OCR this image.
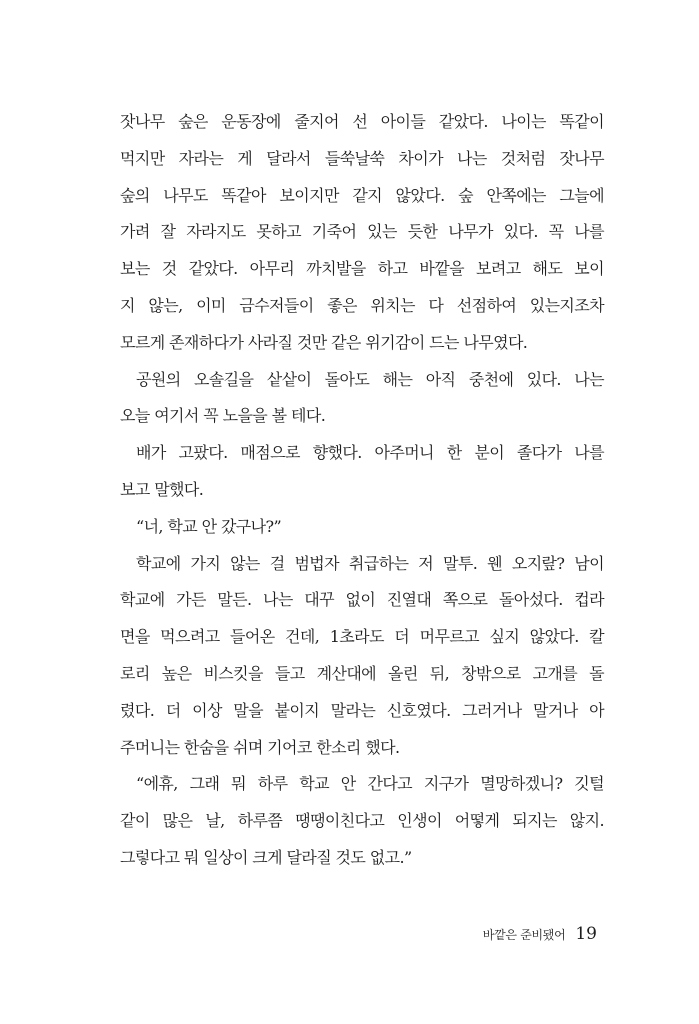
잣나무 숲은 운동장에 줄지어 선 아이들 같았다. 나이는 똑같이
먹지만 자라는 게 달라서 들쑥날쑥 차이가 나는 것처럼 잣나무
숲의 나무도 똑같아 보이지만 같지 않았다. 숲 안쪽에는 그늘에
가려 잘 자라지도 못하고 기죽어 있는 듯한 나무가 있다. 꼭 나를
보는 것 같았다. 아무리 까치발을 하고 바깥을 보려고 해도 보이
지 않는, 이미 금수저들이 좋은 위치는 다 선점하여 있는지조차
모르게 존재하다가 사라질 것만 같은 위기감이 드는 나무였다.
공원의 오솔길을 샅샅이 돌아도 해는 아직 중천에 있다. 나는
오늘 여기서 꼭 노을을 볼 테다.
배가 고팠다. 매점으로 향했다. 아주머니 한 분이 졸다가 나를
보고 말했다.
“너, 학교 안 갔구나?”
학교에 가지 않는 걸 범법자 취급하는 저 말투. 웬 오지랖? 남이
학교에 가든 말든. 나는 대꾸 없이 진열대 쪽으로 돌아섰다. 컵라
면을 먹으려고 들어온 건데, 1초라도 더 머무르고 싶지 않았다. 칼
로리 높은 비스킷을 들고 계산대에 올린 뒤, 창밖으로 고개를 돌
렸다. 더 이상 말을 붙이지 말라는 신호였다. 그러거나 말거나 아
주머니는 한숨을 쉬며 기어코 한소리 했다.
“에휴, 그래 뭐 하루 학교 안 간다고 지구가 멸망하겠니? 깃털
같이 많은 날, 하루쯤 땡땡이친다고 인생이 어떻게 되지는 않지.
그렇다고 뭐 일상이 크게 달라질 것도 없고.”
바깥은 준비됐어 19
